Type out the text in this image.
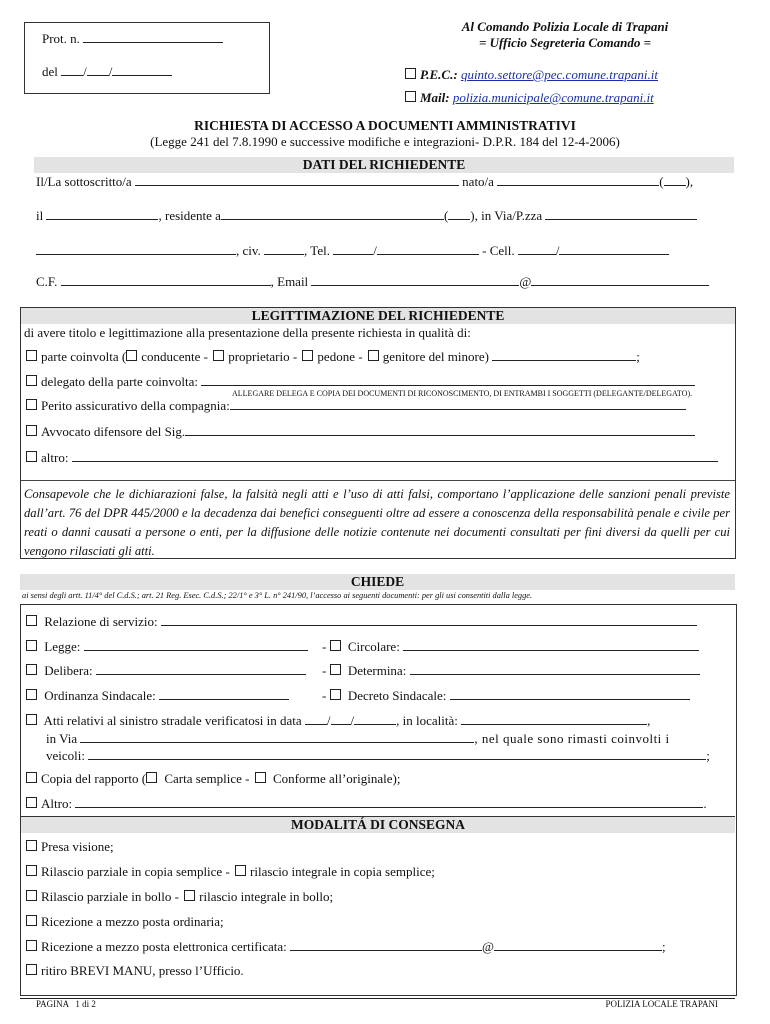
Prot. n.
del / /
Al Comando Polizia Locale di Trapani
= Ufficio Segreteria Comando =
P.E.C.: quinto.settore@pec.comune.trapani.it
Mail: polizia.municipale@comune.trapani.it
RICHIESTA DI ACCESSO A DOCUMENTI AMMINISTRATIVI
(Legge 241 del 7.8.1990 e successive modifiche e integrazioni- D.P.R. 184 del 12-4-2006)
DATI DEL RICHIEDENTE
Il/La sottoscritto/a	nato/a	( ),
il	, residente a	( ), in Via/P.zza
, civ.	, Tel.	/	- Cell.	/
C.F.	, Email	@
LEGITTIMAZIONE DEL RICHIEDENTE
di avere titolo e legittimazione alla presentazione della presente richiesta in qualità di:
parte coinvolta ( conducente - proprietario - pedone - genitore del minore)	;
delegato della parte coinvolta:
ALLEGARE DELEGA E COPIA DEI DOCUMENTI DI RICONOSCIMENTO, DI ENTRAMBI I SOGGETTI (DELEGANTE/DELEGATO).
Perito assicurativo della compagnia:
Avvocato difensore del Sig.
altro:
Consapevole che le dichiarazioni false, la falsità negli atti e l’uso di atti falsi, comportano l’applicazione delle sanzioni penali previste dall’art. 76 del DPR 445/2000 e la decadenza dai benefici conseguenti oltre ad essere a conoscenza della responsabilità penale e civile per reati o danni causati a persone o enti, per la diffusione delle notizie contenute nei documenti consultati per fini diversi da quelli per cui vengono rilasciati gli atti.
CHIEDE
ai sensi degli artt. 11/4° del C.d.S.; art. 21 Reg. Esec. C.d.S.; 22/1° e 3° L. n° 241/90, l’accesso ai seguenti documenti: per gli usi consentiti dalla legge.
Relazione di servizio:
Legge:	- Circolare:
Delibera:	- Determina:
Ordinanza Sindacale:	- Decreto Sindacale:
Atti relativi al sinistro stradale verificatosi in data / /	, in località:	,
in Via	, nel quale sono rimasti coinvolti i
veicoli:	;
Copia del rapporto ( Carta semplice - Conforme all’originale);
Altro:	.
MODALITÁ DI CONSEGNA
Presa visione;
Rilascio parziale in copia semplice - rilascio integrale in copia semplice;
Rilascio parziale in bollo - rilascio integrale in bollo;
Ricezione a mezzo posta ordinaria;
Ricezione a mezzo posta elettronica certificata:	@	;
ritiro BREVI MANU, presso l’Ufficio.
PAGINA   1 di 2	POLIZIA LOCALE TRAPANI
